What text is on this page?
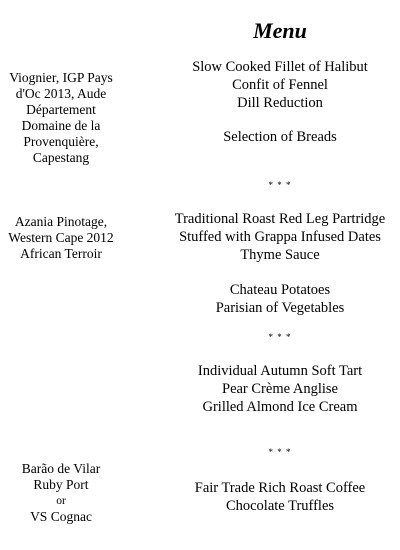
Menu
Viognier, IGP Pays
d'Oc 2013, Aude
Département
Domaine de la
Provenquière,
Capestang
Azania Pinotage,
Western Cape 2012
African Terroir
Barão de Vilar
Ruby Port
or
VS Cognac
Slow Cooked Fillet of Halibut
Confit of Fennel
Dill Reduction
Selection of Breads
* * *
Traditional Roast Red Leg Partridge
Stuffed with Grappa Infused Dates
Thyme Sauce
Chateau Potatoes
Parisian of Vegetables
* * *
Individual Autumn Soft Tart
Pear Crème Anglise
Grilled Almond Ice Cream
* * *
Fair Trade Rich Roast Coffee
Chocolate Truffles
